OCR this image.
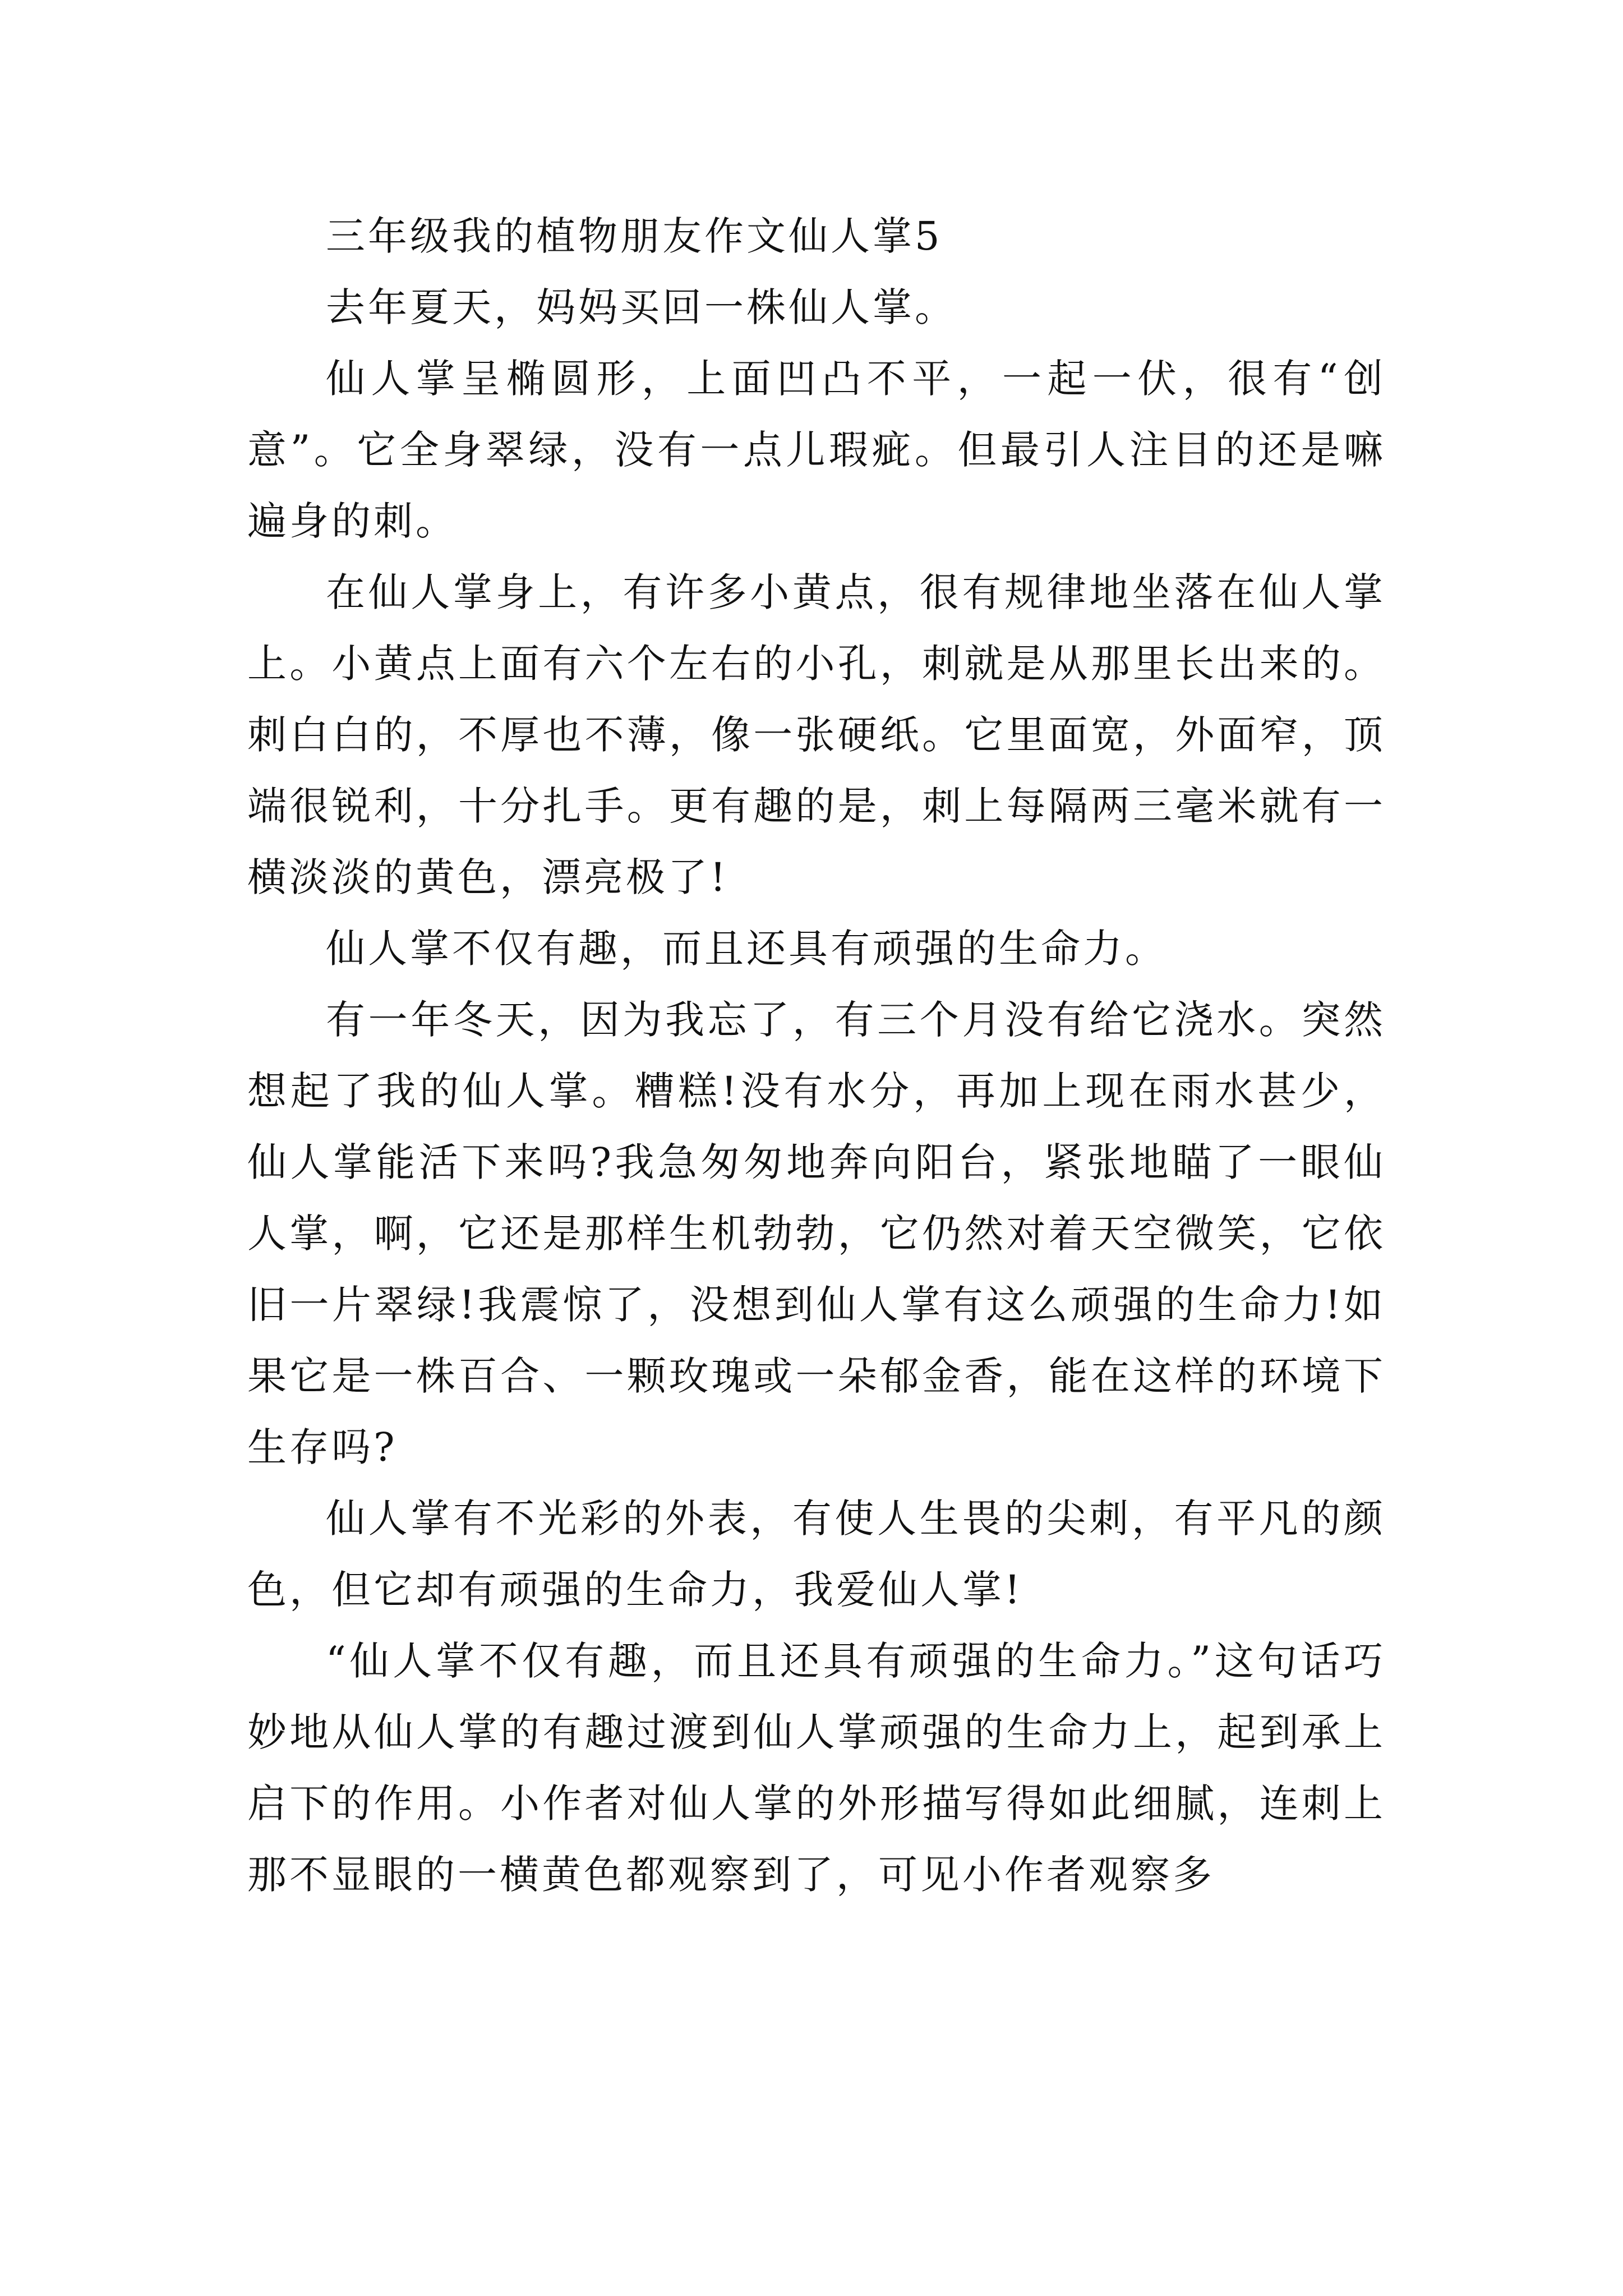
三年级我的植物朋友作文仙人掌5

去年夏天，妈妈买回一株仙人掌。

仙人掌呈椭圆形，上面凹凸不平，一起一伏，很有“创意”。它全身翠绿，没有一点儿瑕疵。但最引人注目的还是嘛遍身的刺。

在仙人掌身上，有许多小黄点，很有规律地坐落在仙人掌上。小黄点上面有六个左右的小孔，刺就是从那里长出来的。刺白白的，不厚也不薄，像一张硬纸。它里面宽，外面窄，顶端很锐利，十分扎手。更有趣的是，刺上每隔两三毫米就有一横淡淡的黄色，漂亮极了!

仙人掌不仅有趣，而且还具有顽强的生命力。

有一年冬天，因为我忘了，有三个月没有给它浇水。突然想起了我的仙人掌。糟糕!没有水分，再加上现在雨水甚少，仙人掌能活下来吗?我急匆匆地奔向阳台，紧张地瞄了一眼仙人掌，啊，它还是那样生机勃勃，它仍然对着天空微笑，它依旧一片翠绿!我震惊了，没想到仙人掌有这么顽强的生命力!如果它是一株百合、一颗玫瑰或一朵郁金香，能在这样的环境下生存吗?

仙人掌有不光彩的外表，有使人生畏的尖刺，有平凡的颜色，但它却有顽强的生命力，我爱仙人掌!

“仙人掌不仅有趣，而且还具有顽强的生命力。”这句话巧妙地从仙人掌的有趣过渡到仙人掌顽强的生命力上，起到承上启下的作用。小作者对仙人掌的外形描写得如此细腻，连刺上那不显眼的一横黄色都观察到了，可见小作者观察多
